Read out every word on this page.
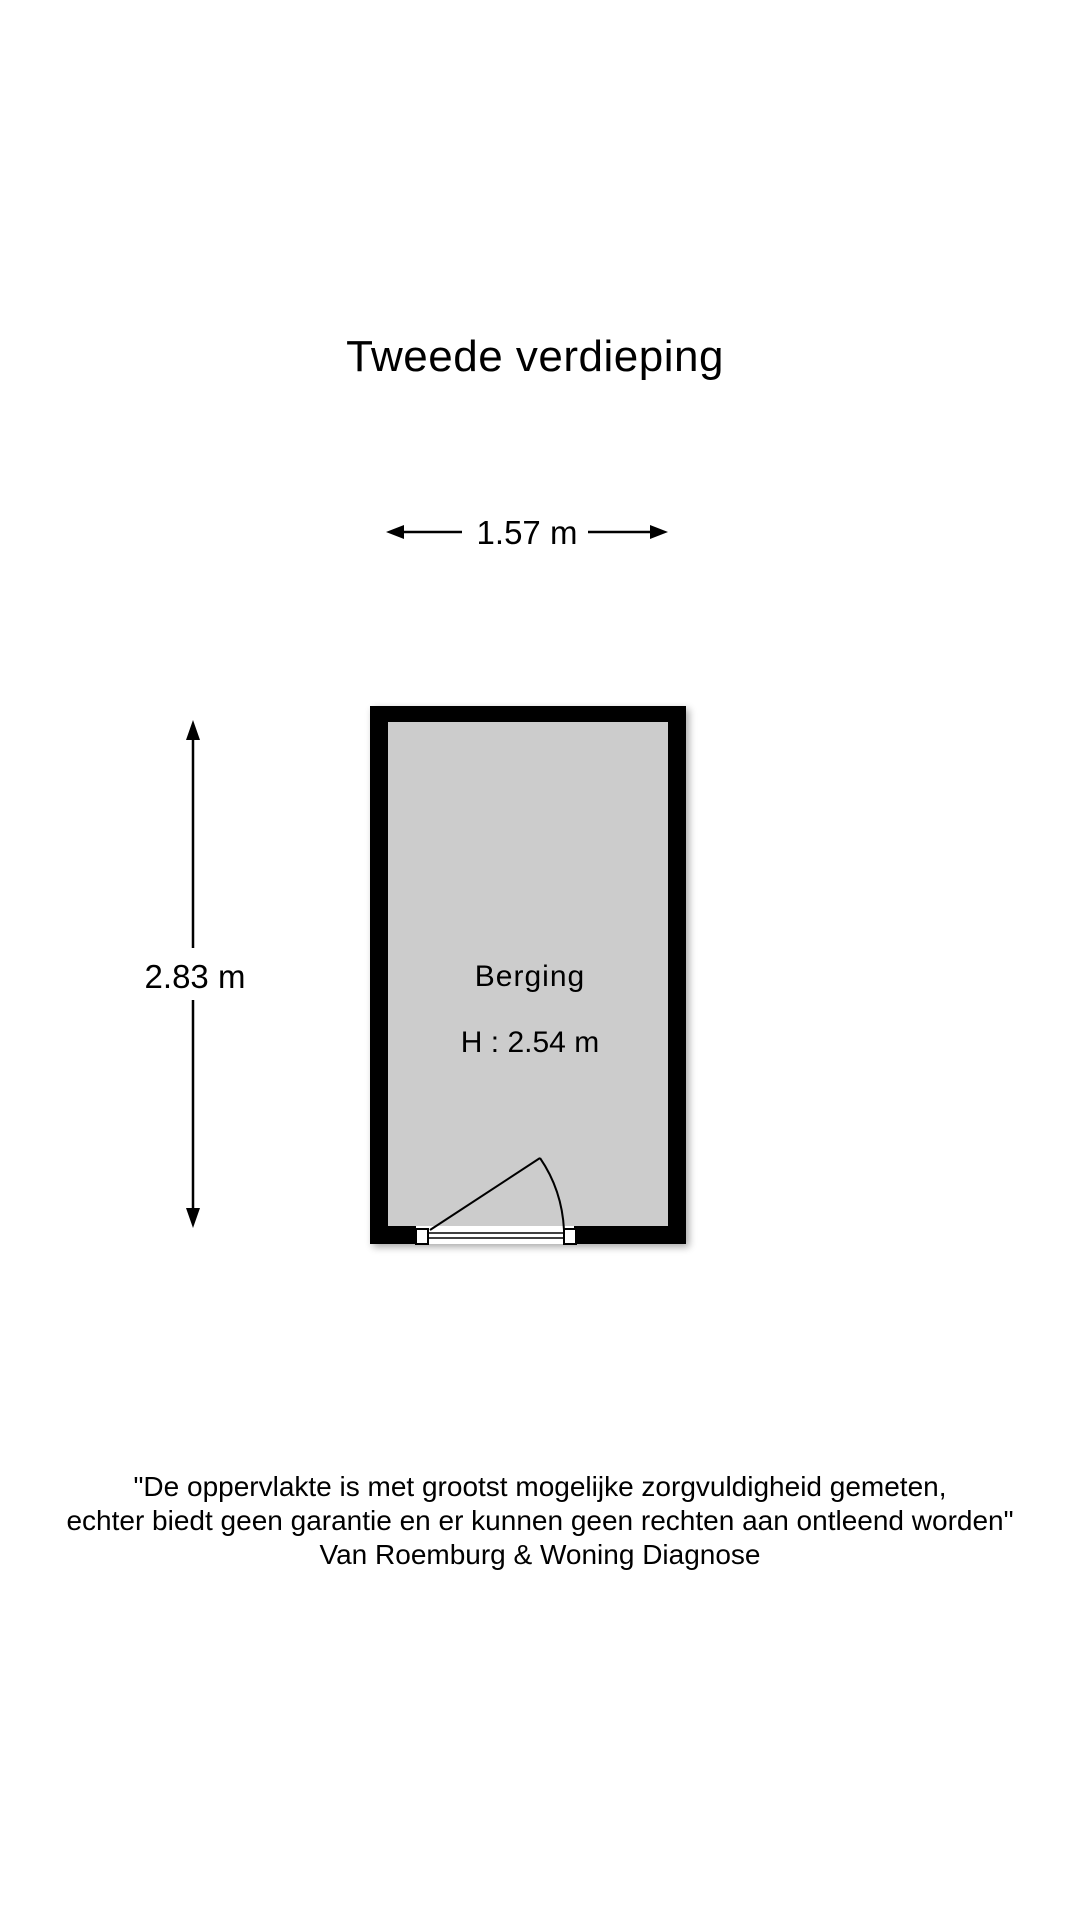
Tweede verdieping
1.57 m
2.83 m	Berging
H : 2.54 m
"De oppervlakte is met grootst mogelijke zorgvuldigheid gemeten,
echter biedt geen garantie en er kunnen geen rechten aan ontleend worden"
Van Roemburg & Woning Diagnose
